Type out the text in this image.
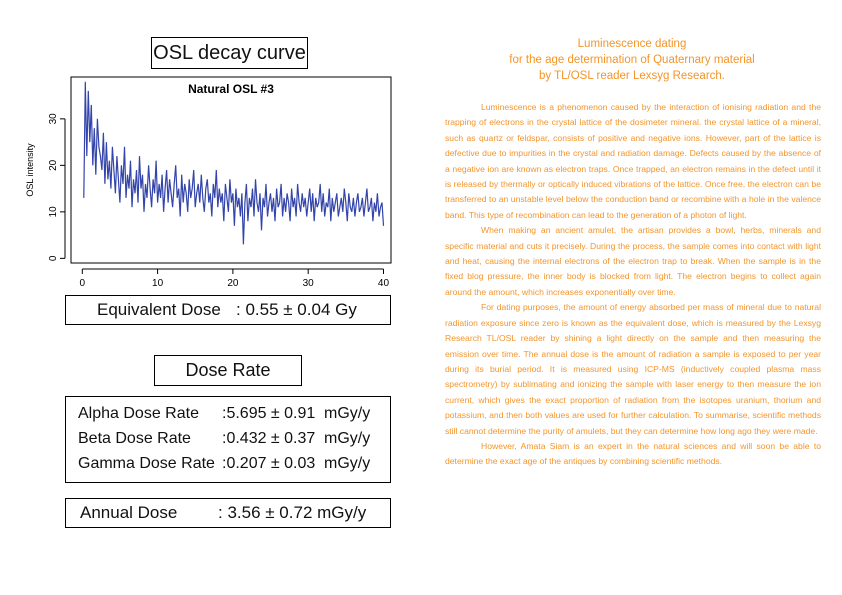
OSL decay curve
Natural OSL #3
OSL intensity
0	10	20	30	40
0
10
20
30
Equivalent Dose : 0.55 ± 0.04 Gy
Dose Rate
Alpha Dose Rate :5.695 ± 0.91 mGy/y
Beta Dose Rate :0.432 ± 0.37 mGy/y
Gamma Dose Rate :0.207 ± 0.03 mGy/y
Annual Dose : 3.56 ± 0.72 mGy/y
Luminescence dating
for the age determination of Quaternary material
by TL/OSL reader Lexsyg Research.

Luminescence is a phenomenon caused by the interaction of ionising radiation and the trapping of electrons in the crystal lattice of the dosimeter mineral. the crystal lattice of a mineral, such as quartz or feldspar, consists of positive and negative ions. However, part of the lattice is defective due to impurities in the crystal and radiation damage. Defects caused by the absence of a negative ion are known as electron traps. Once trapped, an electron remains in the defect until it is released by thermally or optically induced vibrations of the lattice. Once free, the electron can be transferred to an unstable level below the conduction band or recombine with a hole in the valence band. This type of recombination can lead to the generation of a photon of light.

When making an ancient amulet, the artisan provides a bowl, herbs, minerals and specific material and cuts it precisely. During the process, the sample comes into contact with light and heat, causing the internal electrons of the electron trap to break. When the sample is in the fixed blog pressure, the inner body is blocked from light. The electron begins to collect again around the amount, which increases exponentially over time.

For dating purposes, the amount of energy absorbed per mass of mineral due to natural radiation exposure since zero is known as the equivalent dose, which is measured by the Lexsyg Research TL/OSL reader by shining a light directly on the sample and then measuring the emission over time. The annual dose is the amount of radiation a sample is exposed to per year during its burial period. It is measured using ICP-MS (inductively coupled plasma mass spectrometry) by sublimating and ionizing the sample with laser energy to then measure the ion current, which gives the exact proportion of radiation from the isotopes uranium, thorium and potassium, and then both values are used for further calculation. To summarise, scientific methods still cannot determine the purity of amulets, but they can determine how long ago they were made.

However, Amata Siam is an expert in the natural sciences and will soon be able to determine the exact age of the antiques by combining scientific methods.
